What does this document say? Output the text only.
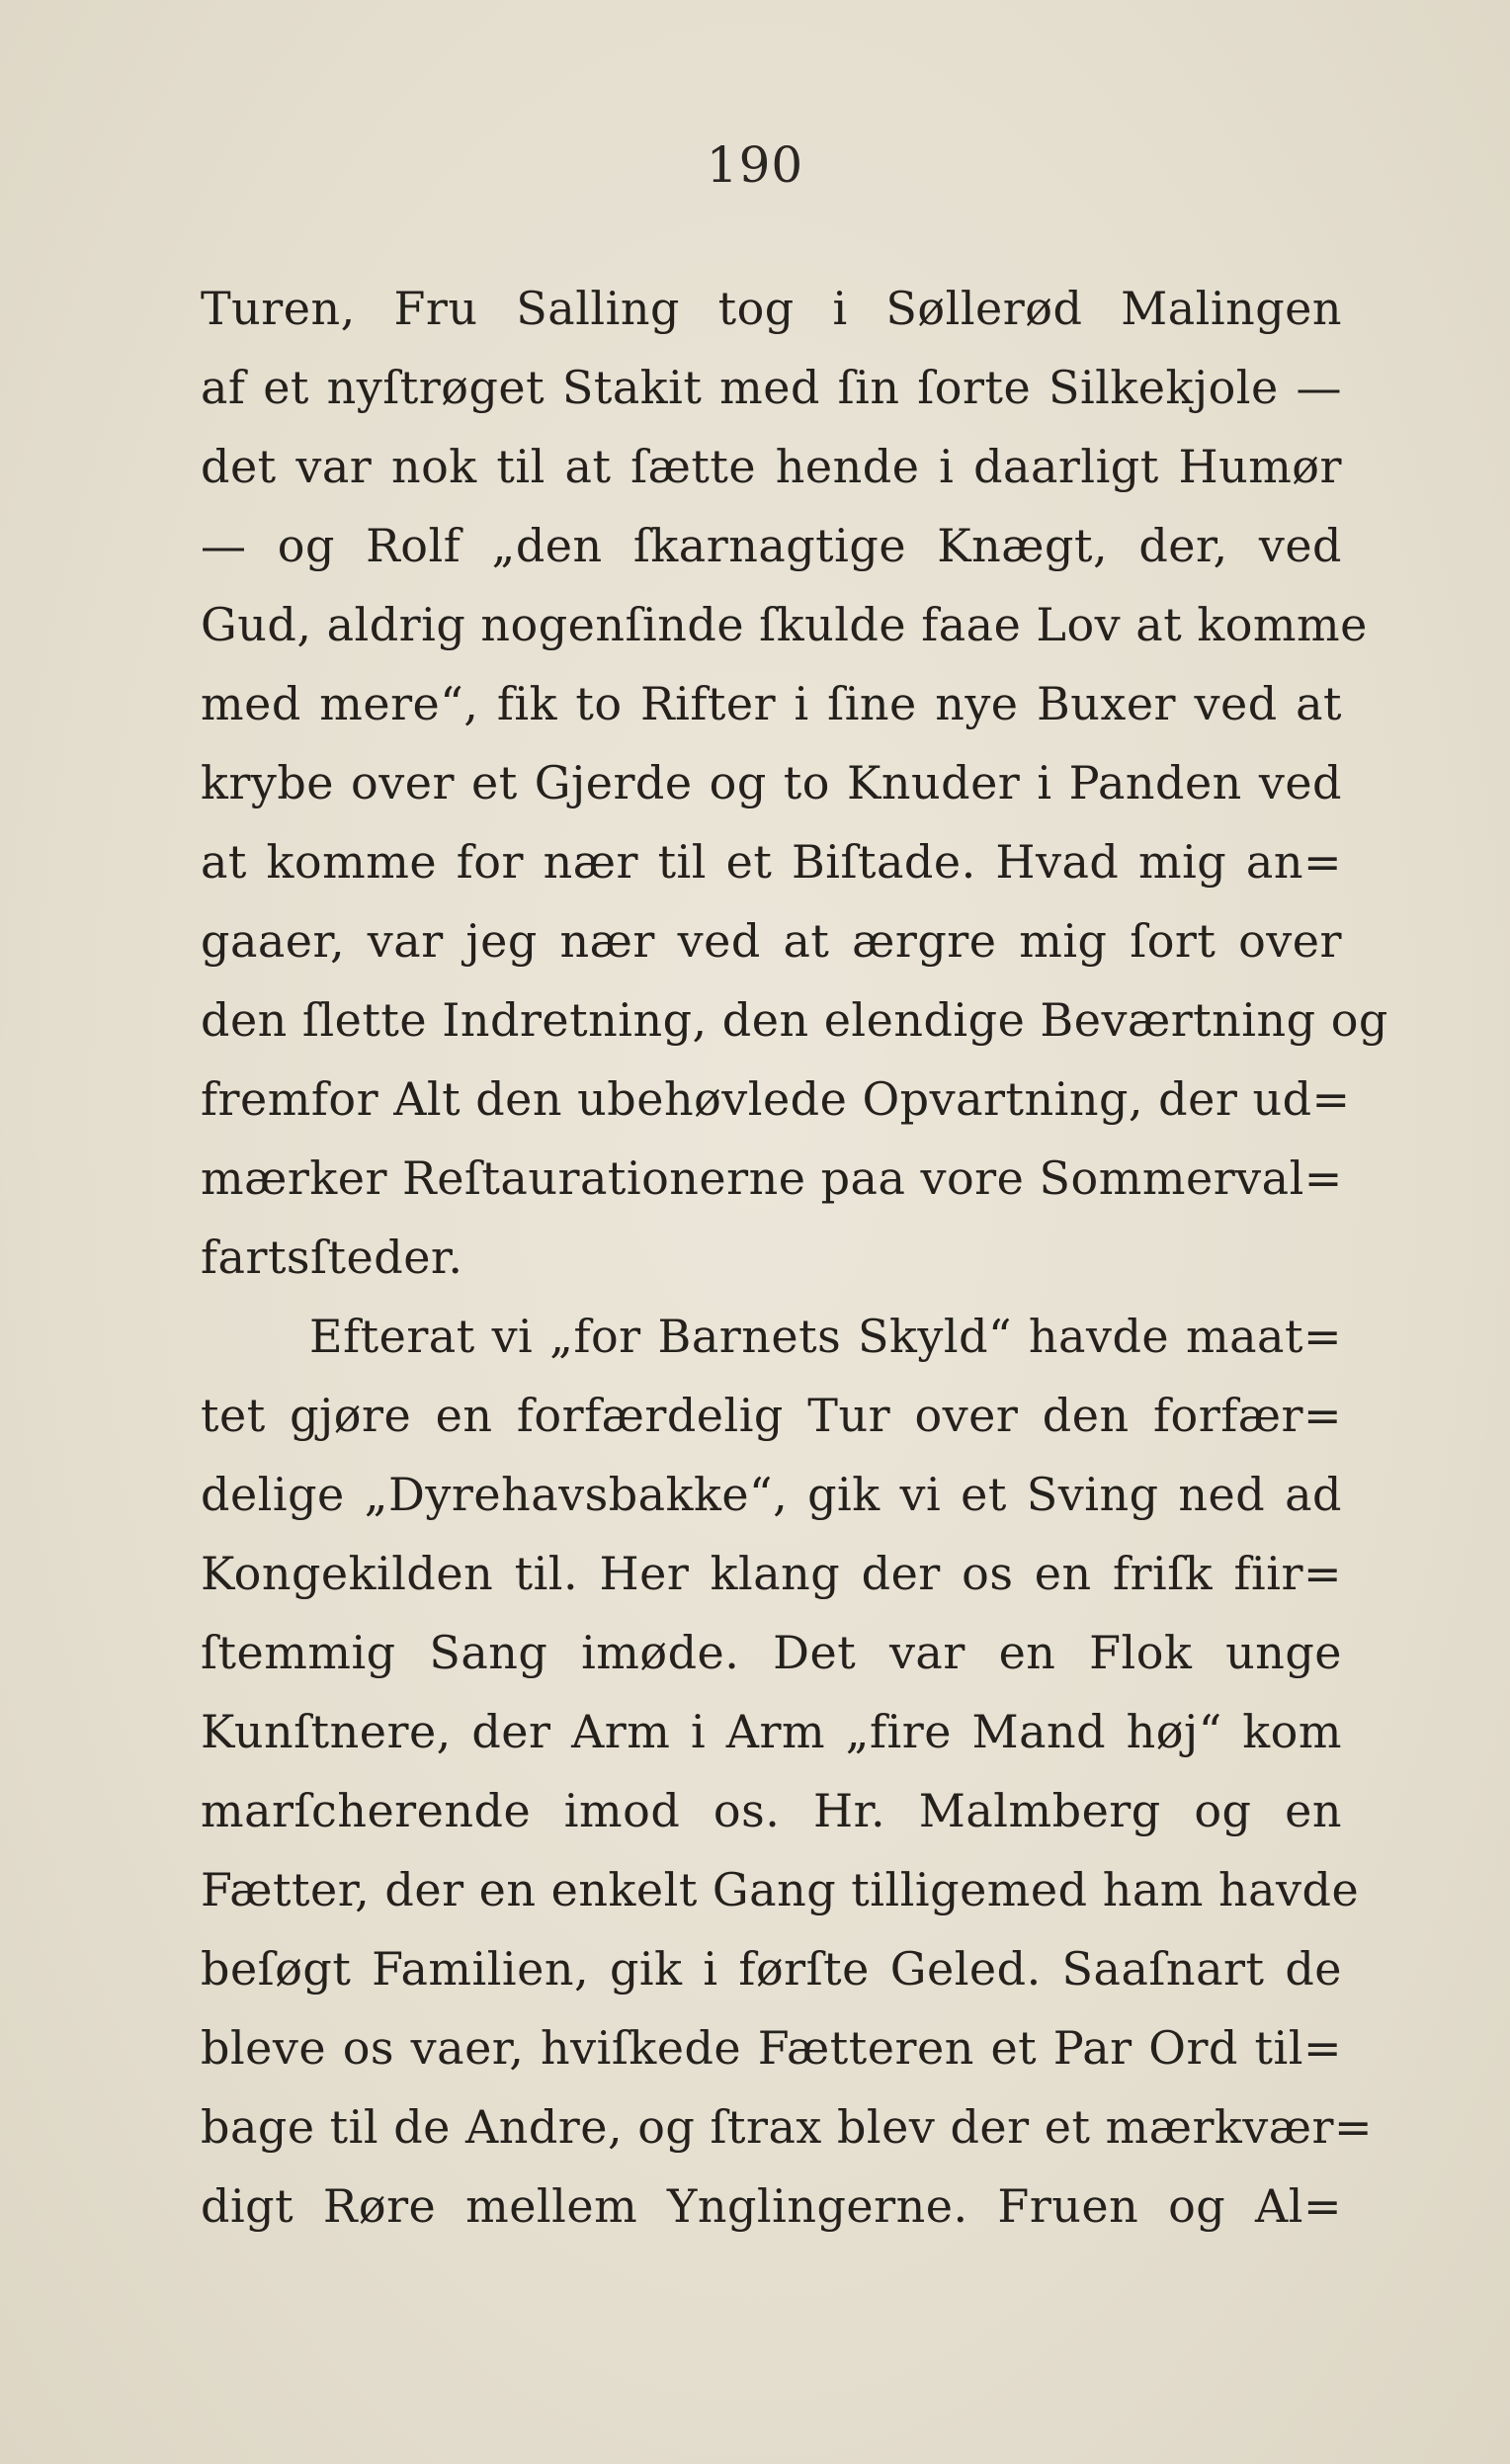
190
Turen, Fru Salling tog i Søllerød Malingen
af et nyſtrøget Stakit med ſin ſorte Silkekjole —
det var nok til at ſætte hende i daarligt Humør
— og Rolf „den ſkarnagtige Knægt, der, ved
Gud, aldrig nogenſinde ſkulde faae Lov at komme
med mere“, fik to Rifter i ſine nye Buxer ved at
krybe over et Gjerde og to Knuder i Panden ved
at komme for nær til et Biſtade. Hvad mig an=
gaaer, var jeg nær ved at ærgre mig ſort over
den ſlette Indretning, den elendige Beværtning og
fremfor Alt den ubehøvlede Opvartning, der ud=
mærker Reſtaurationerne paa vore Sommerval=
fartsſteder.
Efterat vi „for Barnets Skyld“ havde maat=
tet gjøre en forfærdelig Tur over den forfær=
delige „Dyrehavsbakke“, gik vi et Sving ned ad
Kongekilden til. Her klang der os en friſk fiir=
ſtemmig Sang imøde. Det var en Flok unge
Kunſtnere, der Arm i Arm „fire Mand høj“ kom
marſcherende imod os. Hr. Malmberg og en
Fætter, der en enkelt Gang tilligemed ham havde
beſøgt Familien, gik i førſte Geled. Saaſnart de
bleve os vaer, hviſkede Fætteren et Par Ord til=
bage til de Andre, og ſtrax blev der et mærkvær=
digt Røre mellem Ynglingerne. Fruen og Al=
